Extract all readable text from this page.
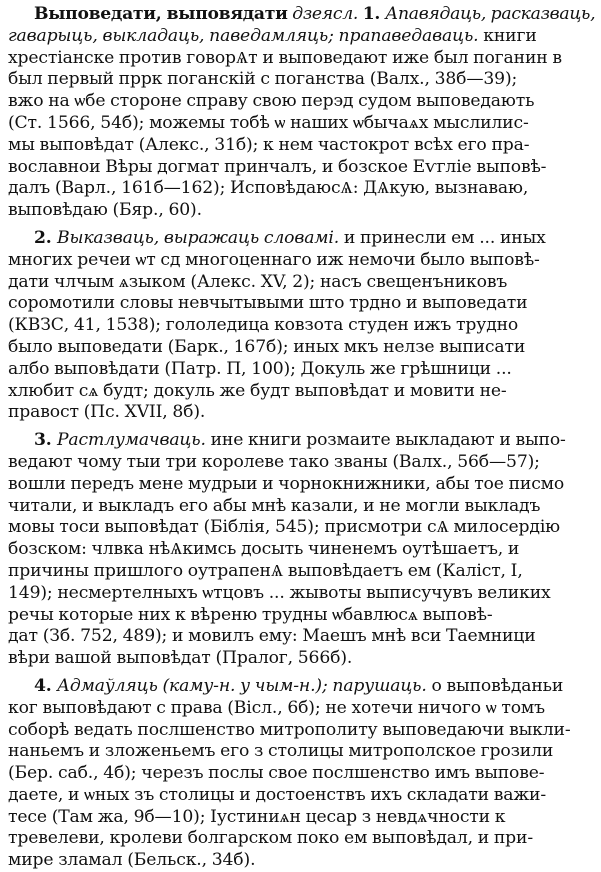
Выповедати, выповядати дзеясл. 1. Апавядаць, расказваць,
гаварыць, выкладаць, паведамляць; прапаведаваць. книги
хрестіанске против говорѦт и выповедают иже был поганин в
был первый пррк поганскій с поганства (Валх., 38б—39);
вжо на ѡбе стороне справу свою перэд судом выповедають
(Ст. 1566, 54б); можемы тобѣ ѡ наших ѡбычаѧх мыслилис-
мы выповѣдат (Алекс., 31б); к нем частокрот всѣх его пра-
вославнои Вѣры догмат принчалъ, и бозское Еѵгліе выповѣ-
далъ (Варл., 161б—162); ИсповѣдаюсѦ: ДѦкую, вызнаваю,
выповѣдаю (Бяр., 60).
2. Выказваць, выражаць словамі. и принесли ем ... иных
многих речеи ѡт сд многоценнаго иж немочи было выповѣ-
дати члчым ѧзыком (Алекс. XV, 2); насъ свещенъниковъ
соромотили словы невчытывыми што трдно и выповедати
(КВЗС, 41, 1538); гололедица ковзота студен ижъ трудно
было выповедати (Барк., 167б); иных мкъ нелзе выписати
албо выповѣдати (Патр. П, 100); Докуль же грѣшници ...
хлюбит сѧ будт; докуль же будт выповѣдат и мовити не-
правост (Пс. XVII, 8б).
3. Растлумачваць. ине книги розмаите выкладают и выпо-
ведают чому тыи три королеве тако званы (Валх., 56б—57);
вошли передъ мене мудрыи и чорнокнижники, абы тое писмо
читали, и выкладъ его абы мнѣ казали, и не могли выкладъ
мовы тоси выповѣдат (Біблія, 545); присмотри сѦ милосердію
бозском: члвка нѣѦкимсь досыть чиненемъ оутѣшаетъ, и
причины пришлого оутрапенѦ выповѣдаетъ ем (Каліст, I,
149); несмертелныхъ ѡтцовъ ... жывоты выписучувъ великих
речы которые них к вѣреню трудны ѡбавлюсѧ выповѣ-
дат (Зб. 752, 489); и мовилъ ему: Маешъ мнѣ вси Таемници
вѣри вашой выповѣдат (Пралог, 566б).
4. Адмаўляць (каму-н. у чым-н.); парушаць. о выповѣданьи
ког выповѣдают с права (Вісл., 6б); не хотечи ничого ѡ томъ
соборѣ ведать послшенство митрополиту выповедаючи выкли-
наньемъ и зложеньемъ его з столицы митрополское грозили
(Бер. саб., 4б); черезъ послы свое послшенство имъ выпове-
даете, и ѡных зъ столицы и достоенствъ ихъ складати важи-
тесе (Там жа, 9б—10); Іустиниѧн цесар з невдѧчности к
тревелеви, кролеви болгарском поко ем выповѣдал, и при-
мире зламал (Бельск., 34б).
